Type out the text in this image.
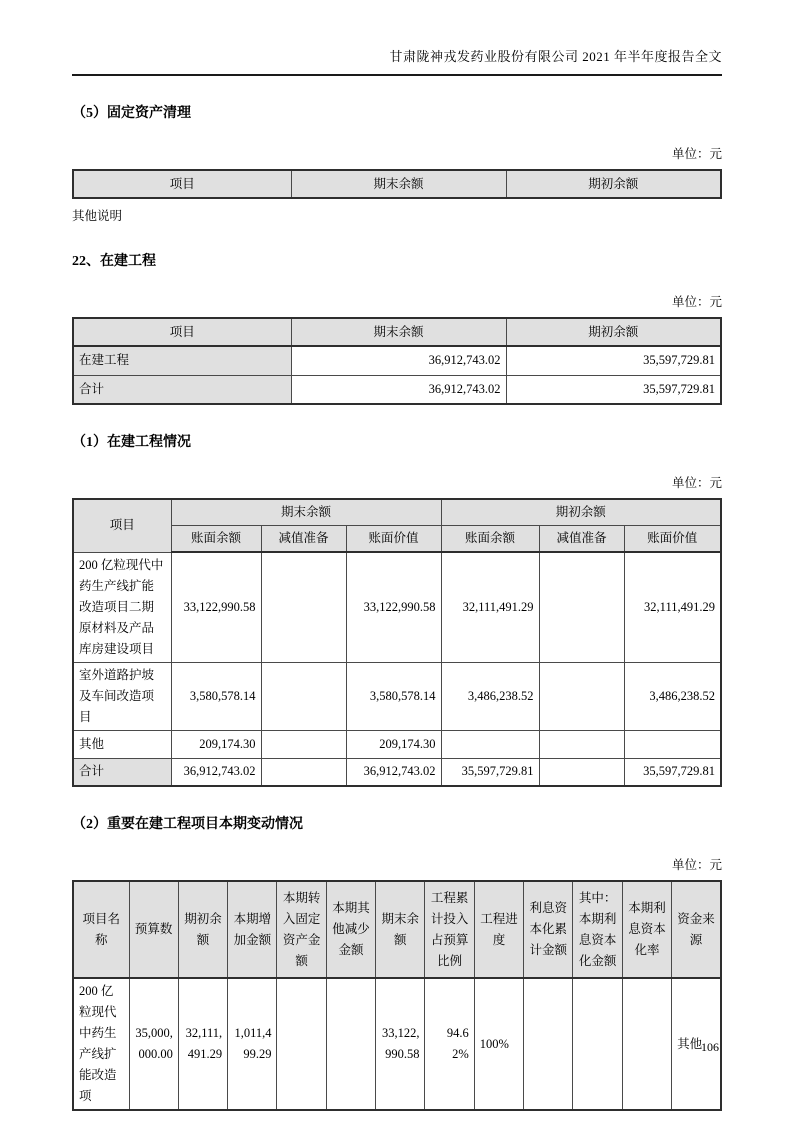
甘肃陇神戎发药业股份有限公司 2021 年半年度报告全文
（5）固定资产清理
单位：元
项目	期末余额	期初余额
其他说明
22、在建工程
单位：元
项目	期末余额	期初余额
在建工程	36,912,743.02	35,597,729.81
合计	36,912,743.02	35,597,729.81
（1）在建工程情况
单位：元
项目	期末余额			期初余额		
	账面余额	减值准备	账面价值	账面余额	减值准备	账面价值
200 亿粒现代中药生产线扩能改造项目二期原材料及产品库房建设项目	33,122,990.58		33,122,990.58	32,111,491.29		32,111,491.29
室外道路护坡及车间改造项目	3,580,578.14		3,580,578.14	3,486,238.52		3,486,238.52
其他	209,174.30		209,174.30			
合计	36,912,743.02		36,912,743.02	35,597,729.81		35,597,729.81
（2）重要在建工程项目本期变动情况
单位：元
项目名称	预算数	期初余额	本期增加金额	本期转入固定资产金额	本期其他减少金额	期末余额	工程累计投入占预算比例	工程进度	利息资本化累计金额	其中：本期利息资本化金额	本期利息资本化率	资金来源
200 亿粒现代中药生产线扩能改造项	35,000,000.00	32,111,491.29	1,011,499.29			33,122,990.58	94.62%	100%				其他
106
